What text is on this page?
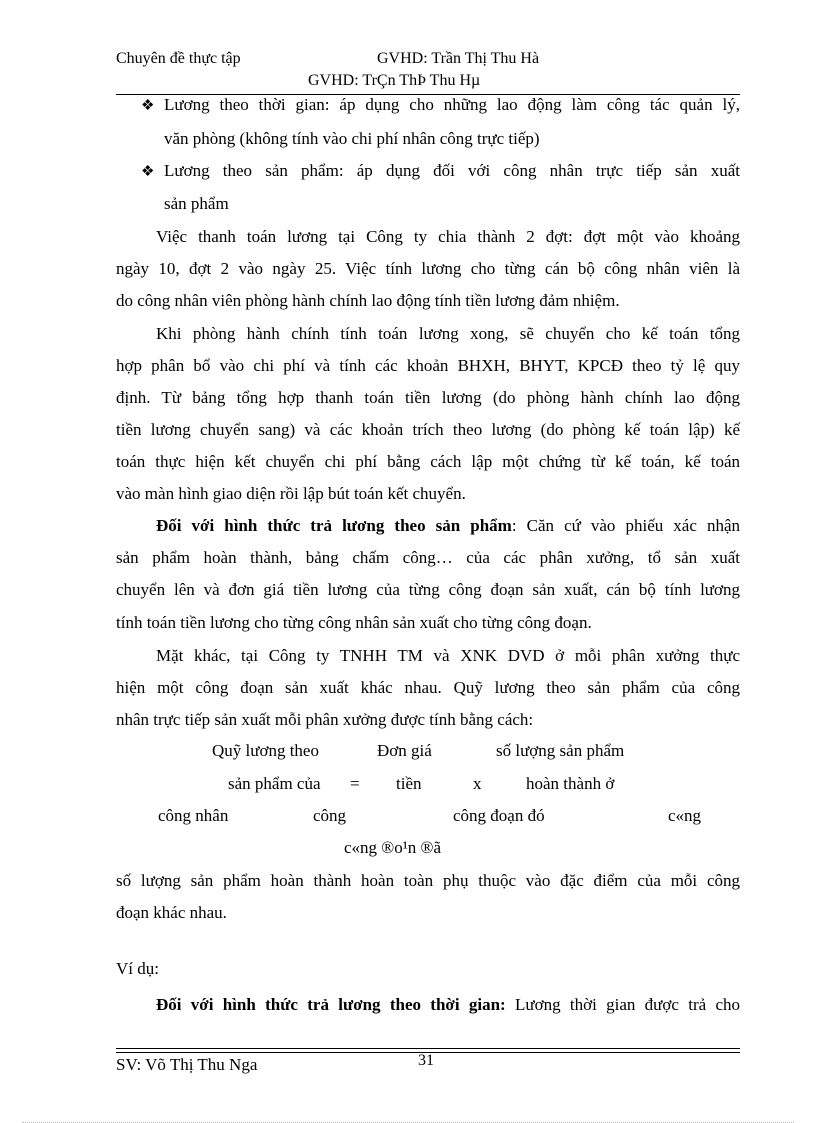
Chuyên đề thực tập	GVHD: Trần Thị Thu Hà
GVHD: TrÇn ThÞ Thu Hµ
❖ Lương theo thời gian: áp dụng cho những lao động làm công tác quản lý,
văn phòng (không tính vào chi phí nhân công trực tiếp)
❖ Lương theo sản phẩm: áp dụng đối với công nhân trực tiếp sản xuất
sản phẩm
Việc thanh toán lương tại Công ty chia thành 2 đợt: đợt một vào khoảng
ngày 10, đợt 2 vào ngày 25. Việc tính lương cho từng cán bộ công nhân viên là
do công nhân viên phòng hành chính lao động tính tiền lương đảm nhiệm.
Khi phòng hành chính tính toán lương xong, sẽ chuyển cho kế toán tổng
hợp phân bổ vào chi phí và tính các khoản BHXH, BHYT, KPCĐ theo tỷ lệ quy
định. Từ bảng tổng hợp thanh toán tiền lương (do phòng hành chính lao động
tiền lương chuyển sang) và các khoản trích theo lương (do phòng kế toán lập) kế
toán thực hiện kết chuyển chi phí bằng cách lập một chứng từ kế toán, kế toán
vào màn hình giao diện rồi lập bút toán kết chuyển.
Đối với hình thức trả lương theo sản phẩm: Căn cứ vào phiếu xác nhận
sản phẩm hoàn thành, bảng chấm công… của các phân xưởng, tổ sản xuất
chuyển lên và đơn giá tiền lương của từng công đoạn sản xuất, cán bộ tính lương
tính toán tiền lương cho từng công nhân sản xuất cho từng công đoạn.
Mặt khác, tại Công ty TNHH TM và XNK DVD ở mỗi phân xưởng thực
hiện một công đoạn sản xuất khác nhau. Quỹ lương theo sản phẩm của công
nhân trực tiếp sản xuất mỗi phân xưởng được tính bằng cách:
Quỹ lương theo	Đơn giá	số lượng sản phẩm
sản phẩm của = tiền	x	hoàn thành ở
công nhân	công	công đoạn đó	c«ng
c«ng ®o¹n ®ã
số lượng sản phẩm hoàn thành hoàn toàn phụ thuộc vào đặc điểm của mỗi công
đoạn khác nhau.
Ví dụ:
Đối với hình thức trả lương theo thời gian: Lương thời gian được trả cho
SV: Võ Thị Thu Nga	31
